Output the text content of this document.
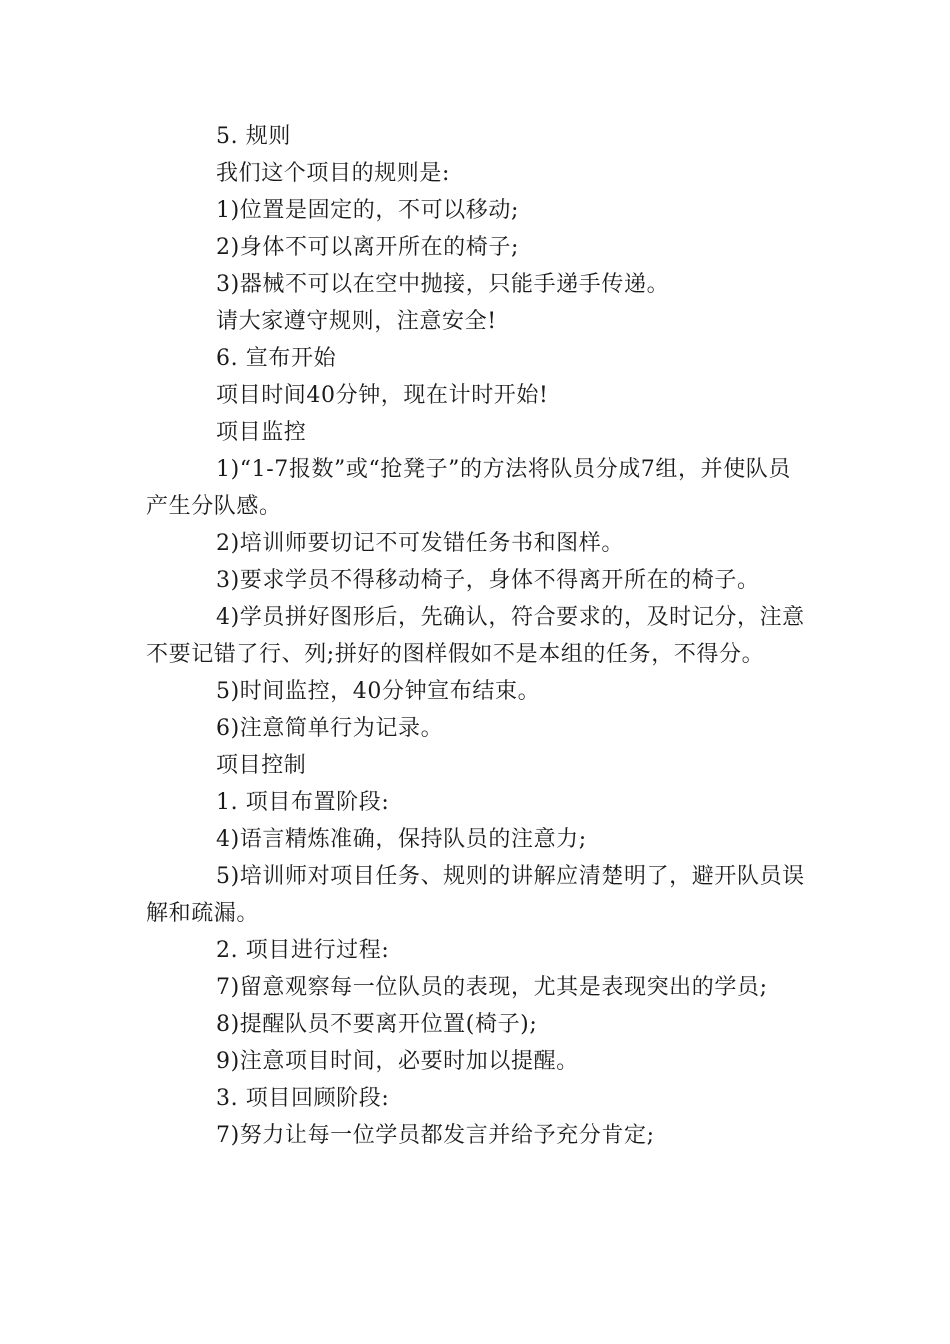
5. 规则

我们这个项目的规则是:

1)位置是固定的，不可以移动;

2)身体不可以离开所在的椅子;

3)器械不可以在空中抛接，只能手递手传递。

请大家遵守规则，注意安全!

6. 宣布开始

项目时间40分钟，现在计时开始!

项目监控

1)“1-7报数”或“抢凳子”的方法将队员分成7组，并使队员产生分队感。

2)培训师要切记不可发错任务书和图样。

3)要求学员不得移动椅子，身体不得离开所在的椅子。

4)学员拼好图形后，先确认，符合要求的，及时记分，注意不要记错了行、列;拼好的图样假如不是本组的任务，不得分。

5)时间监控，40分钟宣布结束。

6)注意简单行为记录。

项目控制

1. 项目布置阶段:

4)语言精炼准确，保持队员的注意力;

5)培训师对项目任务、规则的讲解应清楚明了，避开队员误解和疏漏。

2. 项目进行过程:

7)留意观察每一位队员的表现，尤其是表现突出的学员;

8)提醒队员不要离开位置(椅子);

9)注意项目时间，必要时加以提醒。

3. 项目回顾阶段:

7)努力让每一位学员都发言并给予充分肯定;
